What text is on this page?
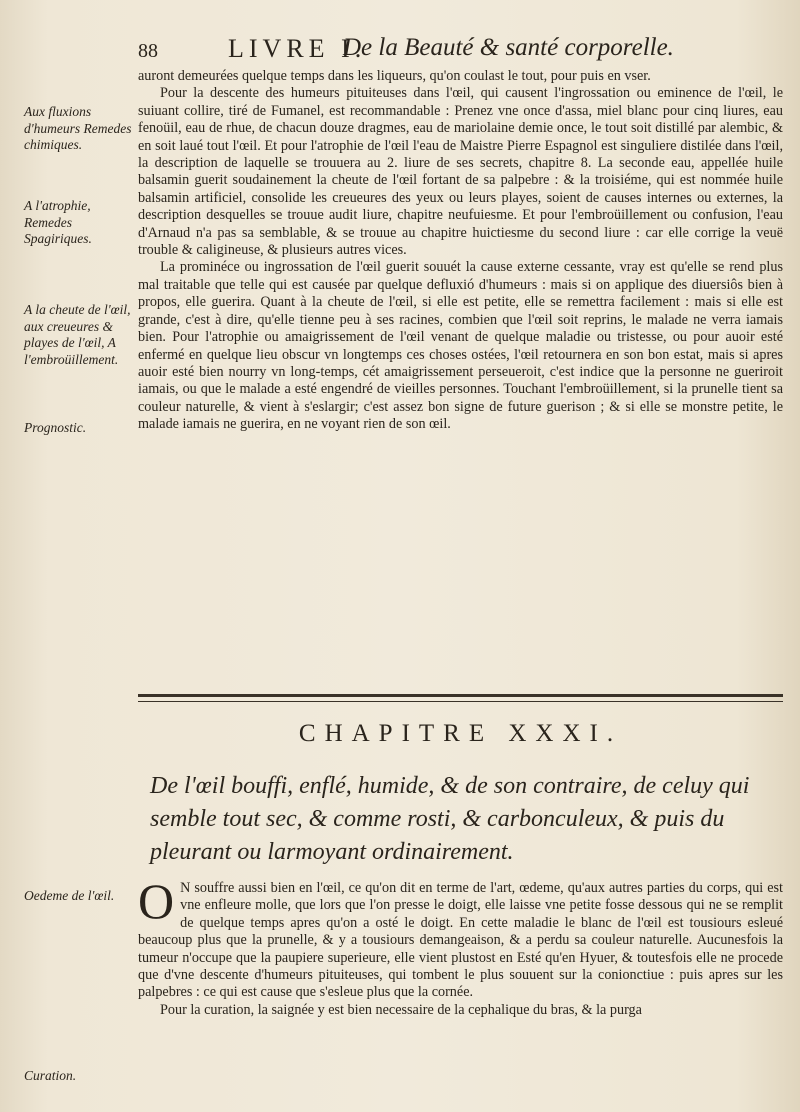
88	LIVRE I.
De la Beauté & santé corporelle.
Aux fluxions d'humeurs Remedes chimiques.
A l'atrophie, Remedes Spagiriques.
A la cheute de l'œil, aux creueures & playes de l'œil, A l'embroüillement.
Prognostic.
Oedeme de l'œil.
Curation.

auront demeurées quelque temps dans les liqueurs, qu'on coulast le tout, pour puis en vser.

Pour la descente des humeurs pituiteuses dans l'œil, qui causent l'ingrossation ou eminence de l'œil, le suiuant collire, tiré de Fumanel, est recommandable : Prenez vne once d'assa, miel blanc pour cinq liures, eau fenoüil, eau de rhue, de chacun douze dragmes, eau de mariolaine demie once, le tout soit distillé par alembic, & en soit laué tout l'œil. Et pour l'atrophie de l'œil l'eau de Maistre Pierre Espagnol est singuliere distilée dans l'œil, la description de laquelle se trouuera au 2. liure de ses secrets, chapitre 8. La seconde eau, appellée huile balsamin guerit soudainement la cheute de l'œil fortant de sa palpebre : & la troisiéme, qui est nommée huile balsamin artificiel, consolide les creueures des yeux ou leurs playes, soient de causes internes ou externes, la description desquelles se trouue audit liure, chapitre neufuiesme. Et pour l'embroüillement ou confusion, l'eau d'Arnaud n'a pas sa semblable, & se trouue au chapitre huictiesme du second liure : car elle corrige la veuë trouble & caligineuse, & plusieurs autres vices.

La prominéce ou ingrossation de l'œil guerit souuét la cause externe cessante, vray est qu'elle se rend plus mal traitable que telle qui est causée par quelque defluxió d'humeurs : mais si on applique des diuersiôs bien à propos, elle guerira. Quant à la cheute de l'œil, si elle est petite, elle se remettra facilement : mais si elle est grande, c'est à dire, qu'elle tienne peu à ses racines, combien que l'œil soit reprins, le malade ne verra iamais bien. Pour l'atrophie ou amaigrissement de l'œil venant de quelque maladie ou tristesse, ou pour auoir esté enfermé en quelque lieu obscur vn longtemps ces choses ostées, l'œil retournera en son bon estat, mais si apres auoir esté bien nourry vn long-temps, cét amaigrissement perseueroit, c'est indice que la personne ne gueriroit iamais, ou que le malade a esté engendré de vieilles personnes. Touchant l'embroüillement, si la prunelle tient sa couleur naturelle, & vient à s'eslargir; c'est assez bon signe de future guerison ; & si elle se monstre petite, le malade iamais ne guerira, en ne voyant rien de son œil.

CHAPITRE XXXI.
De l'œil bouffi, enflé, humide, & de son contraire, de celuy qui semble tout sec, & comme rosti, & carbonculeux, & puis du pleurant ou larmoyant ordinairement.

O N souffre aussi bien en l'œil, ce qu'on dit en terme de l'art, œdeme, qu'aux autres parties du corps, qui est vne enfleure molle, que lors que l'on presse le doigt, elle laisse vne petite fosse dessous qui ne se remplit de quelque temps apres qu'on a osté le doigt. En cette maladie le blanc de l'œil est tousiours esleué beaucoup plus que la prunelle, & y a tousiours demangeaison, & a perdu sa couleur naturelle. Aucunesfois la tumeur n'occupe que la paupiere superieure, elle vient plustost en Esté qu'en Hyuer, & toutesfois elle ne procede que d'vne descente d'humeurs pituiteuses, qui tombent le plus souuent sur la conionctiue : puis apres sur les palpebres : ce qui est cause que s'esleue plus que la cornée.

Pour la curation, la saignée y est bien necessaire de la cephalique du bras, & la purga
